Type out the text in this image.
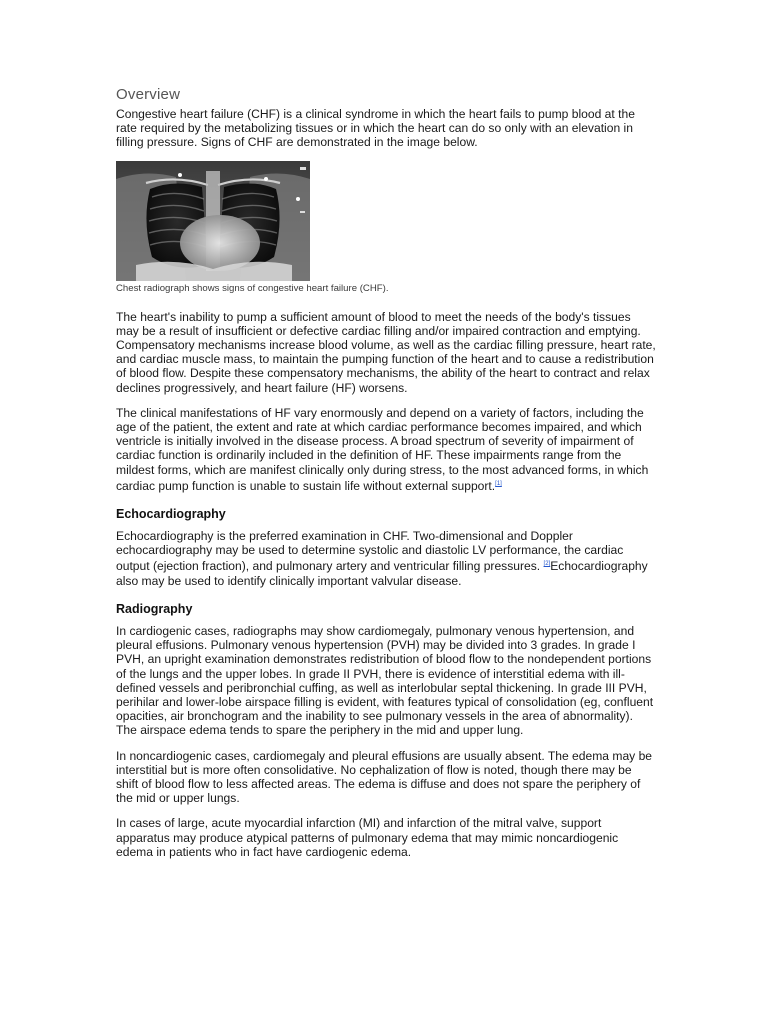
Overview

Congestive heart failure (CHF) is a clinical syndrome in which the heart fails to pump blood at the rate required by the metabolizing tissues or in which the heart can do so only with an elevation in filling pressure. Signs of CHF are demonstrated in the image below.

Chest radiograph shows signs of congestive heart failure (CHF).

The heart's inability to pump a sufficient amount of blood to meet the needs of the body's tissues may be a result of insufficient or defective cardiac filling and/or impaired contraction and emptying. Compensatory mechanisms increase blood volume, as well as the cardiac filling pressure, heart rate, and cardiac muscle mass, to maintain the pumping function of the heart and to cause a redistribution of blood flow. Despite these compensatory mechanisms, the ability of the heart to contract and relax declines progressively, and heart failure (HF) worsens.

The clinical manifestations of HF vary enormously and depend on a variety of factors, including the age of the patient, the extent and rate at which cardiac performance becomes impaired, and which ventricle is initially involved in the disease process. A broad spectrum of severity of impairment of cardiac function is ordinarily included in the definition of HF. These impairments range from the mildest forms, which are manifest clinically only during stress, to the most advanced forms, in which cardiac pump function is unable to sustain life without external support.[1]

Echocardiography

Echocardiography is the preferred examination in CHF. Two-dimensional and Doppler echocardiography may be used to determine systolic and diastolic LV performance, the cardiac output (ejection fraction), and pulmonary artery and ventricular filling pressures. [2]Echocardiography also may be used to identify clinically important valvular disease.

Radiography

In cardiogenic cases, radiographs may show cardiomegaly, pulmonary venous hypertension, and pleural effusions. Pulmonary venous hypertension (PVH) may be divided into 3 grades. In grade I PVH, an upright examination demonstrates redistribution of blood flow to the nondependent portions of the lungs and the upper lobes. In grade II PVH, there is evidence of interstitial edema with ill-defined vessels and peribronchial cuffing, as well as interlobular septal thickening. In grade III PVH, perihilar and lower-lobe airspace filling is evident, with features typical of consolidation (eg, confluent opacities, air bronchogram and the inability to see pulmonary vessels in the area of abnormality). The airspace edema tends to spare the periphery in the mid and upper lung.

In noncardiogenic cases, cardiomegaly and pleural effusions are usually absent. The edema may be interstitial but is more often consolidative. No cephalization of flow is noted, though there may be shift of blood flow to less affected areas. The edema is diffuse and does not spare the periphery of the mid or upper lungs.

In cases of large, acute myocardial infarction (MI) and infarction of the mitral valve, support apparatus may produce atypical patterns of pulmonary edema that may mimic noncardiogenic edema in patients who in fact have cardiogenic edema.
